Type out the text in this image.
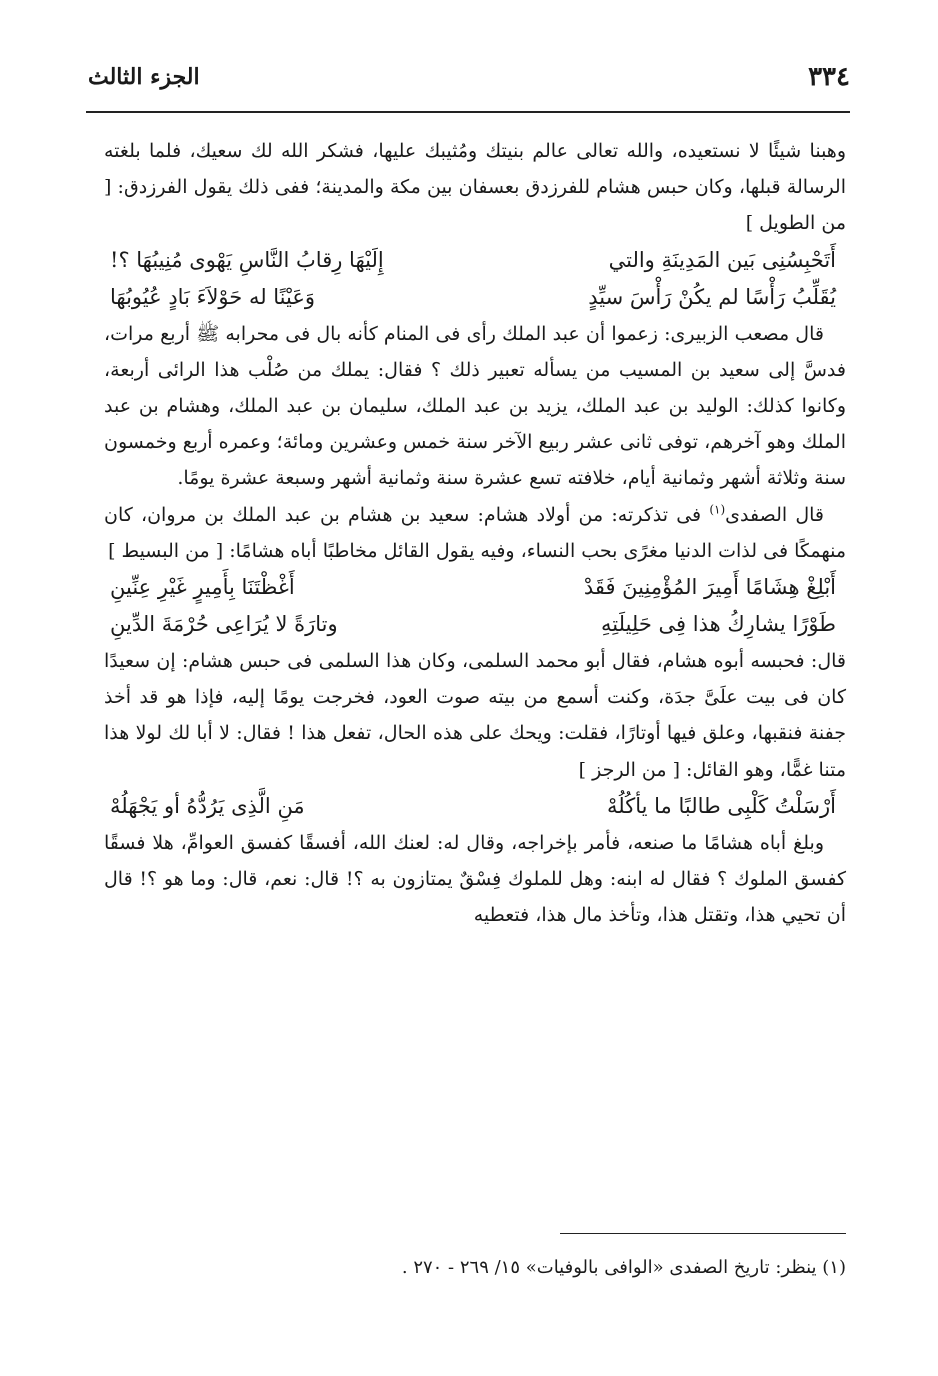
٣٣٤
الجزء الثالث

وهبنا شيئًا لا نستعيده، والله تعالى عالم بنيتك ومُثيبك عليها، فشكر الله لك سعيك، فلما بلغته الرسالة قبلها، وكان حبس هشام للفرزدق بعسفان بين مكة والمدينة؛ ففى ذلك يقول الفرزدق: [ من الطويل ]

أَتَحْبِسُنِى بَين المَدِينَةِ والتي
إِلَيْهَا رِقابُ النَّاسِ يَهْوى مُنِيبُهَا ؟!
يُقَلِّبُ رَأْسًا لم يكُنْ رَأْسَ سيِّدٍ
وَعَيْنًا له حَوْلاَءَ بَادٍ عُيُوبُهَا

قال مصعب الزبيرى: زعموا أن عبد الملك رأى فى المنام كأنه بال فى محرابه ﷺ أربع مرات، فدسَّ إلى سعيد بن المسيب من يسأله تعبير ذلك ؟ فقال: يملك من صُلْب هذا الرائى أربعة، وكانوا كذلك: الوليد بن عبد الملك، يزيد بن عبد الملك، سليمان بن عبد الملك، وهشام بن عبد الملك وهو آخرهم، توفى ثانى عشر ربيع الآخر سنة خمس وعشرين ومائة؛ وعمره أربع وخمسون سنة وثلاثة أشهر وثمانية أيام، خلافته تسع عشرة سنة وثمانية أشهر وسبعة عشرة يومًا.

قال الصفدى$^{(١)}$ فى تذكرته: من أولاد هشام: سعيد بن هشام بن عبد الملك بن مروان، كان منهمكًا فى لذات الدنيا مغرًى بحب النساء، وفيه يقول القائل مخاطبًا أباه هشامًا: [ من البسيط ]

أَبْلِغْ هِشَامًا أَمِيرَ المُؤْمِنِينَ فَقَدْ
أَغْظْتَنَا بِأَمِيرٍ غَيْرِ عِنِّينِ
طَوْرًا يشارِكُ هذا فِى حَلِيلَتِهِ
وتارَةً لا يُرَاعِى حُرْمَةَ الدِّينِ

قال: فحبسه أبوه هشام، فقال أبو محمد السلمى، وكان هذا السلمى فى حبس هشام: إن سعيدًا كان فى بيت علَىَّ جدَة، وكنت أسمع من بيته صوت العود، فخرجت يومًا إليه، فإذا هو قد أخذ جفنة فنقبها، وعلق فيها أوتارًا، فقلت: ويحك على هذه الحال، تفعل هذا ! فقال: لا أبا لك لولا هذا متنا غمًّا، وهو القائل: [ من الرجز ]

أَرْسَلْتُ كَلْبِى طالبًا ما يأكُلُهْ
مَنِ الَّذِى يَرُدُّهُ أو يَجْهَلُهْ

وبلغ أباه هشامًا ما صنعه، فأمر بإخراجه، وقال له: لعنك الله، أفسقًا كفسق العوامِّ، هلا فسقًا كفسق الملوك ؟ فقال له ابنه: وهل للملوك فِسْقٌ يمتازون به ؟! قال: نعم، قال: وما هو ؟! قال أن تحيي هذا، وتقتل هذا، وتأخذ مال هذا، فتعطيه

(١) ينظر: تاريخ الصفدى «الوافى بالوفيات» ١٥/ ٢٦٩ - ٢٧٠ .
